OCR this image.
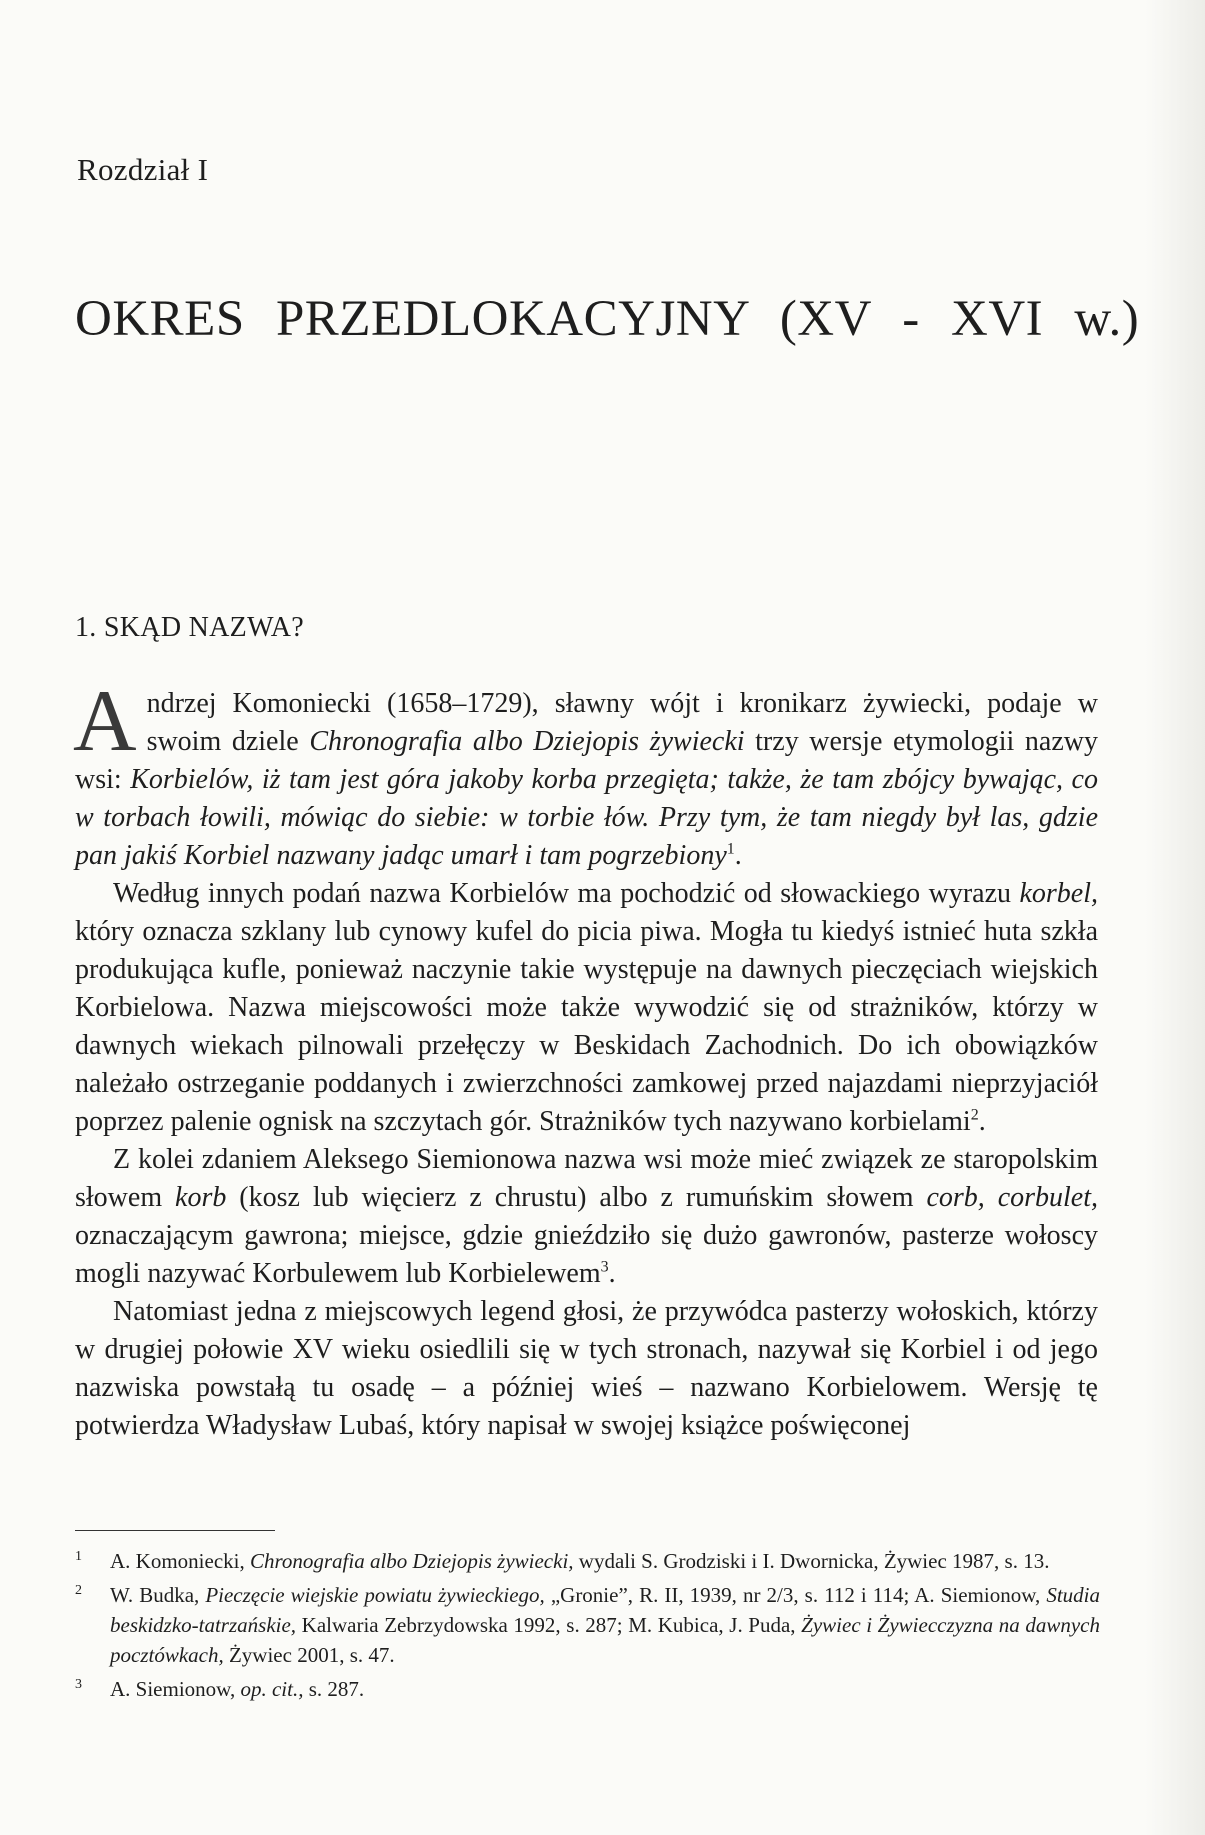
Rozdział I
OKRES PRZEDLOKACYJNY (XV - XVI w.)
1. SKĄD NAZWA?

Andrzej Komoniecki (1658–1729), sławny wójt i kronikarz żywiecki, podaje w swoim dziele Chronografia albo Dziejopis żywiecki trzy wersje etymologii nazwy wsi: Korbielów, iż tam jest góra jakoby korba przegięta; także, że tam zbójcy bywając, co w torbach łowili, mówiąc do siebie: w torbie łów. Przy tym, że tam niegdy był las, gdzie pan jakiś Korbiel nazwany jadąc umarł i tam pogrzebiony$^1$.

Według innych podań nazwa Korbielów ma pochodzić od słowackiego wyrazu korbel, który oznacza szklany lub cynowy kufel do picia piwa. Mogła tu kiedyś istnieć huta szkła produkująca kufle, ponieważ naczynie takie występuje na dawnych pieczęciach wiejskich Korbielowa. Nazwa miejscowości może także wywodzić się od strażników, którzy w dawnych wiekach pilnowali przełęczy w Beskidach Zachodnich. Do ich obowiązków należało ostrzeganie poddanych i zwierzchności zamkowej przed najazdami nieprzyjaciół poprzez palenie ognisk na szczytach gór. Strażników tych nazywano korbielami$^2$.

Z kolei zdaniem Aleksego Siemionowa nazwa wsi może mieć związek ze staropolskim słowem korb (kosz lub więcierz z chrustu) albo z rumuńskim słowem corb, corbulet, oznaczającym gawrona; miejsce, gdzie gnieździło się dużo gawronów, pasterze wołoscy mogli nazywać Korbulewem lub Korbielewem$^3$.

Natomiast jedna z miejscowych legend głosi, że przywódca pasterzy wołoskich, którzy w drugiej połowie XV wieku osiedlili się w tych stronach, nazywał się Korbiel i od jego nazwiska powstałą tu osadę – a później wieś – nazwano Korbielowem. Wersję tę potwierdza Władysław Lubaś, który napisał w swojej książce poświęconej

1 A. Komoniecki, Chronografia albo Dziejopis żywiecki, wydali S. Grodziski i I. Dwornicka, Żywiec 1987, s. 13.
2 W. Budka, Pieczęcie wiejskie powiatu żywieckiego, „Gronie”, R. II, 1939, nr 2/3, s. 112 i 114; A. Siemionow, Studia beskidzko-tatrzańskie, Kalwaria Zebrzydowska 1992, s. 287; M. Kubica, J. Puda, Żywiec i Żywiecczyzna na dawnych pocztówkach, Żywiec 2001, s. 47.
3 A. Siemionow, op. cit., s. 287.
